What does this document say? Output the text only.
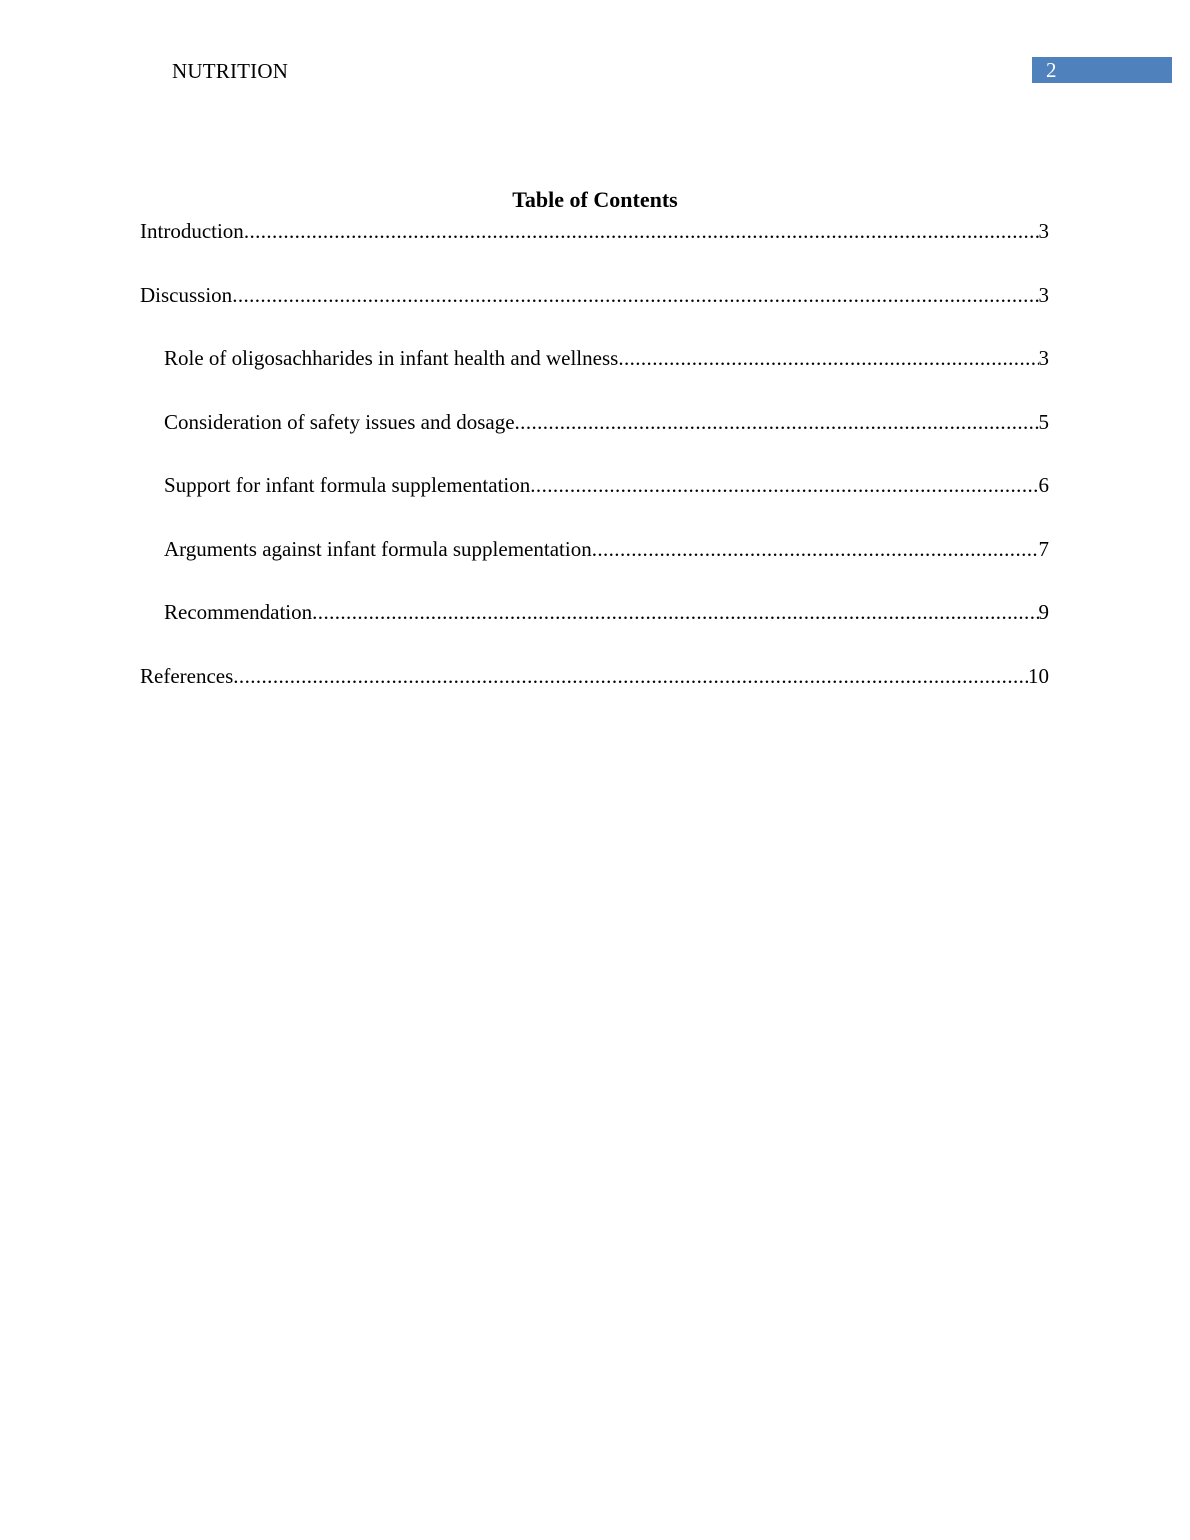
NUTRITION	2
Table of Contents
Introduction .....	3
Discussion .....	3
Role of oligosachharides in infant health and wellness .....	3
Consideration of safety issues and dosage .....	5
Support for infant formula supplementation .....	6
Arguments against infant formula supplementation .....	7
Recommendation .....	9
References .....	10
